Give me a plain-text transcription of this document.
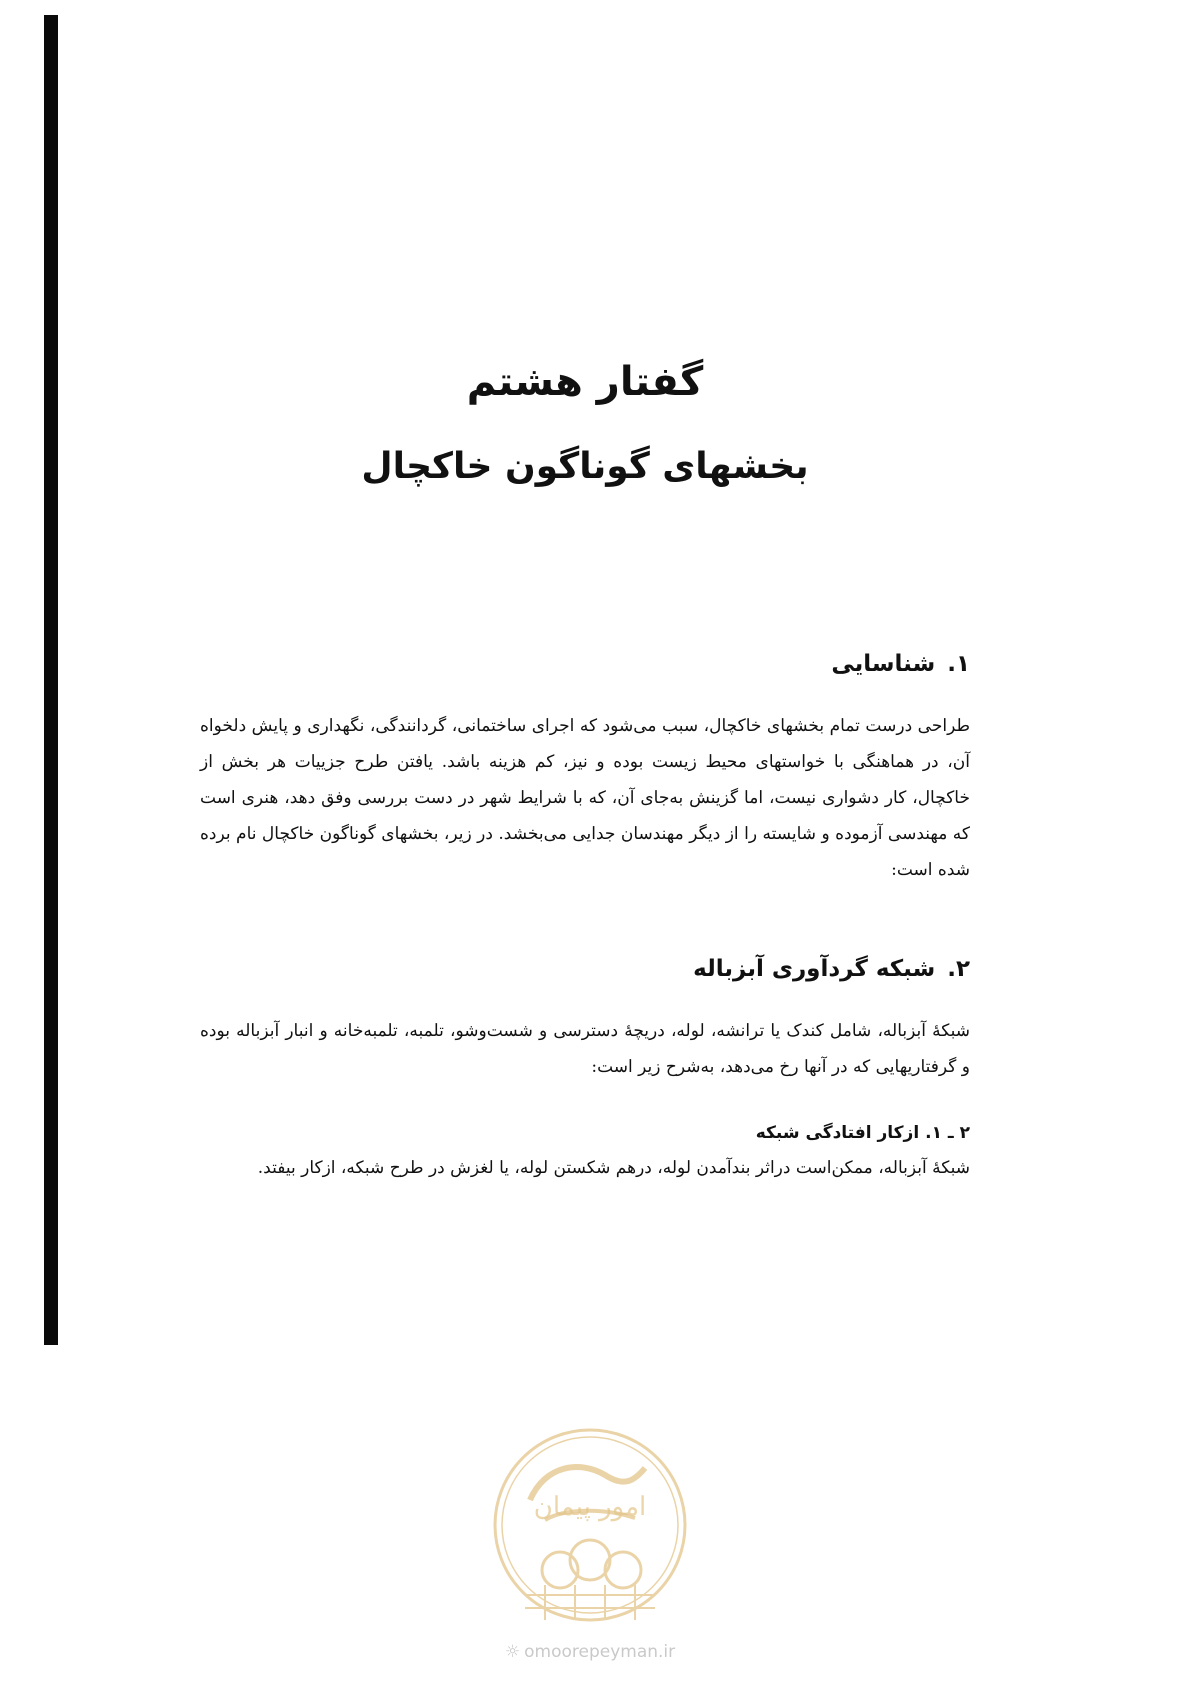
گفتار هشتم
بخشهای گوناگون خاکچال
۱.شناسایی

طراحی درست تمام بخشهای خاکچال، سبب می‌شود که اجرای ساختمانی، گردانندگی، نگهداری و پایش دلخواه آن، در هماهنگی با خواستهای محیط زیست بوده و نیز، کم هزینه باشد. یافتن طرح جزییات هر بخش از خاکچال، کار دشواری نیست، اما گزینش به‌جای آن، که با شرایط شهر در دست بررسی وفق دهد، هنری است که مهندسی آزموده و شایسته را از دیگر مهندسان جدایی می‌بخشد. در زیر، بخشهای گوناگون خاکچال نام برده شده است:

۲.شبکه گردآوری آبزباله

شبکهٔ آبزباله، شامل کندک یا ترانشه، لوله، دریچهٔ دسترسی و شست‌وشو، تلمبه، تلمبه‌خانه و انبار آبزباله بوده و گرفتاریهایی که در آنها رخ می‌دهد، به‌شرح زیر است:

۲ ـ ۱. ازکار افتادگی شبکه

شبکهٔ آبزباله، ممکن‌است دراثر بندآمدن لوله، درهم شکستن لوله، یا لغزش در طرح شبکه، ازکار بیفتد.

امور پیمان
☼ omoorepeyman.ir
